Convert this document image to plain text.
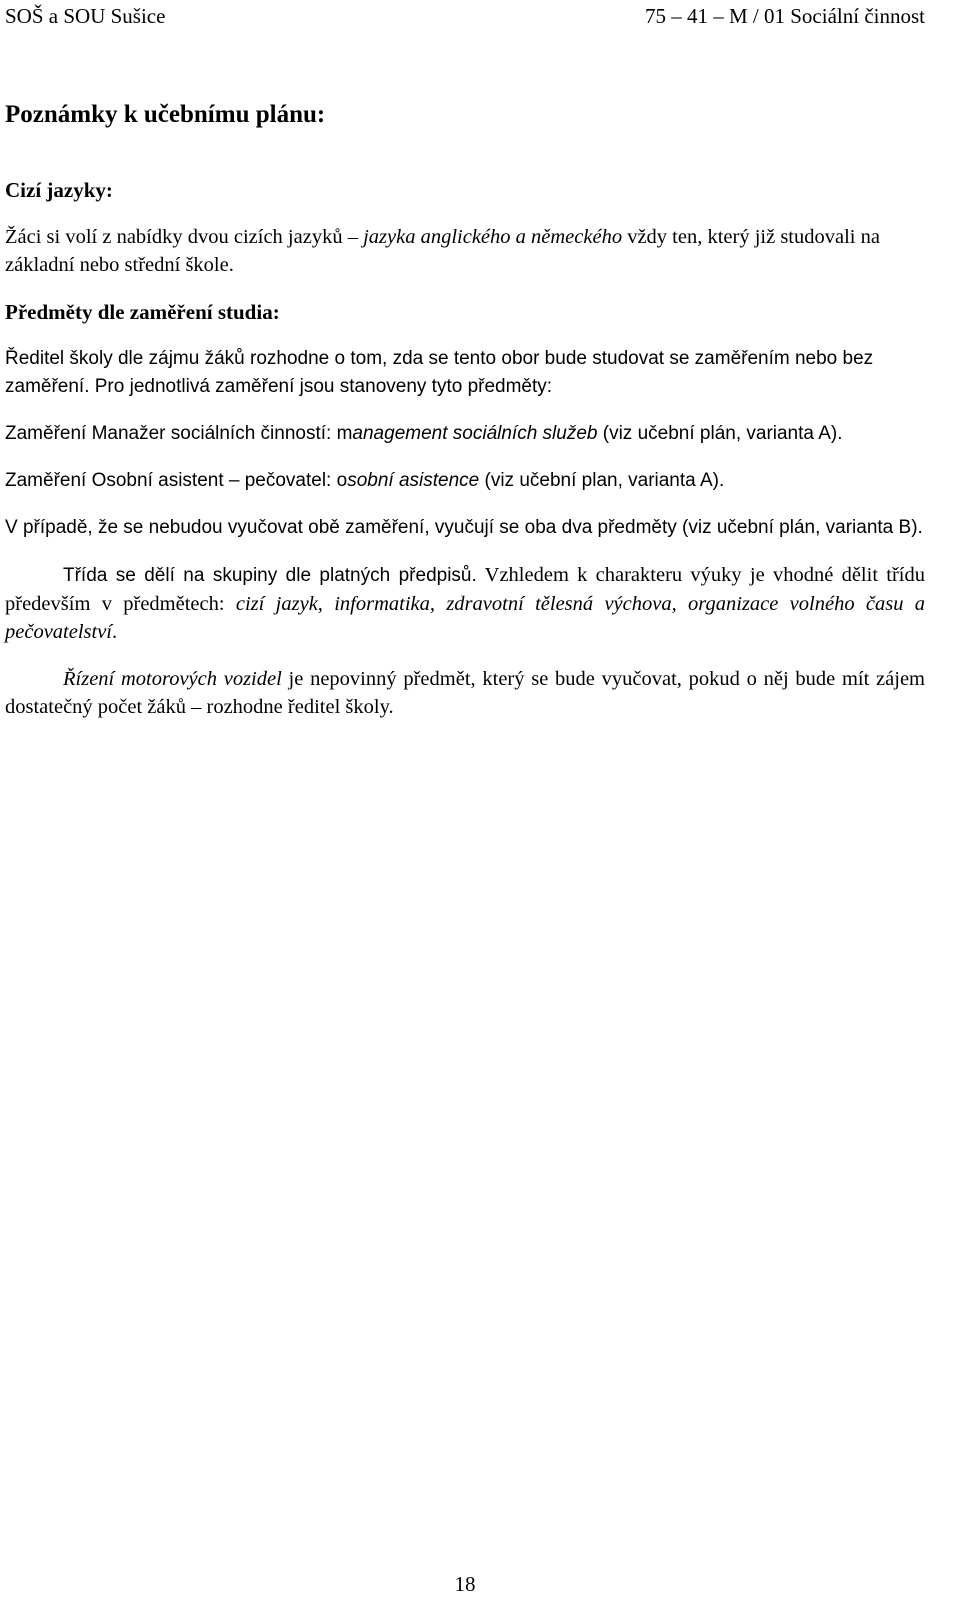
SOŠ a SOU Sušice	75 – 41 – M / 01 Sociální činnost
Poznámky k učebnímu plánu:
Cizí jazyky:

Žáci si volí z nabídky dvou cizích jazyků – jazyka anglického a německého vždy ten, který již studovali na základní nebo střední škole.

Předměty dle zaměření studia:

Ředitel školy dle zájmu žáků rozhodne o tom, zda se tento obor bude studovat se zaměřením nebo bez zaměření. Pro jednotlivá zaměření jsou stanoveny tyto předměty:

Zaměření Manažer sociálních činností: management sociálních služeb (viz učební plán, varianta A).

Zaměření Osobní asistent – pečovatel: osobní asistence (viz učební plan, varianta A).

V případě, že se nebudou vyučovat obě zaměření, vyučují se oba dva předměty (viz učební plán, varianta B).

Třída se dělí na skupiny dle platných předpisů. Vzhledem k charakteru výuky je vhodné dělit třídu především v předmětech: cizí jazyk, informatika, zdravotní tělesná výchova, organizace volného času a pečovatelství.

Řízení motorových vozidel je nepovinný předmět, který se bude vyučovat, pokud o něj bude mít zájem dostatečný počet žáků – rozhodne ředitel školy.

18
